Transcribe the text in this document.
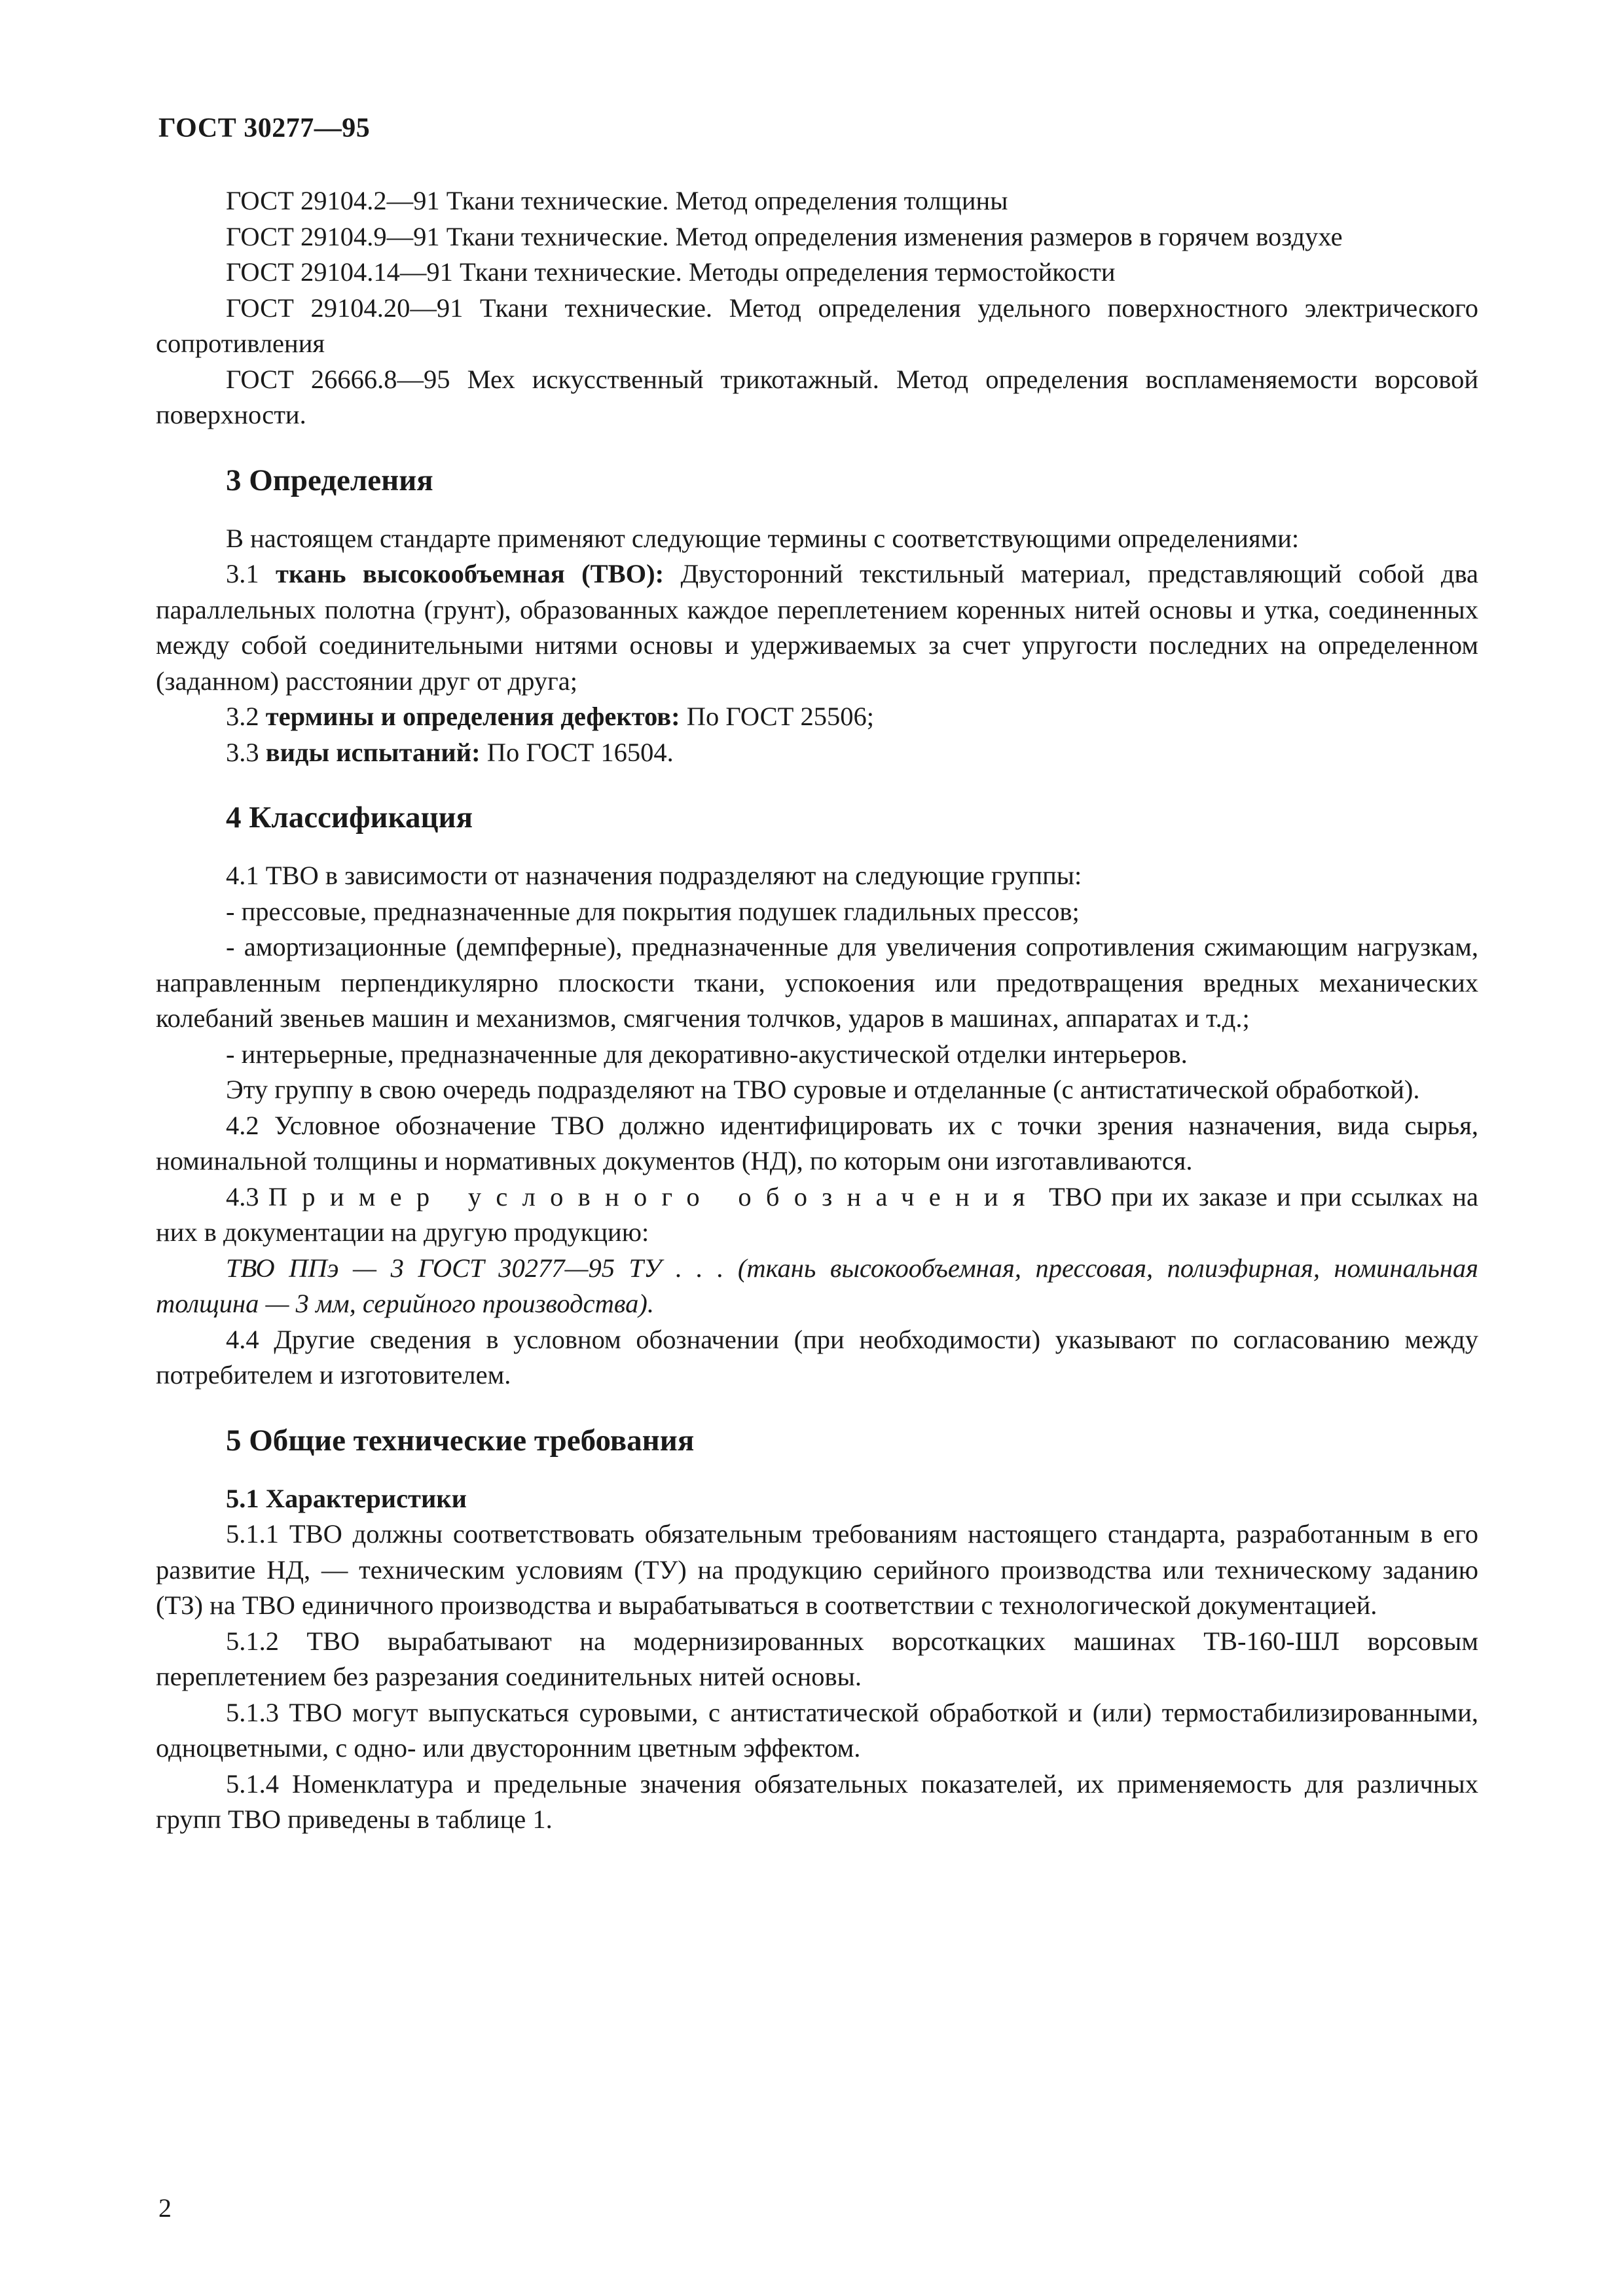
ГОСТ 30277—95
ГОСТ 29104.2—91 Ткани технические. Метод определения толщины
ГОСТ 29104.9—91 Ткани технические. Метод определения изменения размеров в горячем воздухе
ГОСТ 29104.14—91 Ткани технические. Методы определения термостойкости
ГОСТ 29104.20—91 Ткани технические. Метод определения удельного поверхностного электрического сопротивления
ГОСТ 26666.8—95 Мех искусственный трикотажный. Метод определения воспламеняемости ворсовой поверхности.
3 Определения
В настоящем стандарте применяют следующие термины с соответствующими определениями:
3.1 ткань высокообъемная (ТВО): Двусторонний текстильный материал, представляющий собой два параллельных полотна (грунт), образованных каждое переплетением коренных нитей основы и утка, соединенных между собой соединительными нитями основы и удерживаемых за счет упругости последних на определенном (заданном) расстоянии друг от друга;
3.2 термины и определения дефектов: По ГОСТ 25506;
3.3 виды испытаний: По ГОСТ 16504.
4 Классификация
4.1 ТВО в зависимости от назначения подразделяют на следующие группы:
- прессовые, предназначенные для покрытия подушек гладильных прессов;
- амортизационные (демпферные), предназначенные для увеличения сопротивления сжимающим нагрузкам, направленным перпендикулярно плоскости ткани, успокоения или предотвращения вредных механических колебаний звеньев машин и механизмов, смягчения толчков, ударов в машинах, аппаратах и т.д.;
- интерьерные, предназначенные для декоративно-акустической отделки интерьеров.
Эту группу в свою очередь подразделяют на ТВО суровые и отделанные (с антистатической обработкой).
4.2 Условное обозначение ТВО должно идентифицировать их с точки зрения назначения, вида сырья, номинальной толщины и нормативных документов (НД), по которым они изготавливаются.
4.3 Пример условного обозначения ТВО при их заказе и при ссылках на них в документации на другую продукцию:
ТВО ППэ — 3 ГОСТ 30277—95 ТУ . . . (ткань высокообъемная, прессовая, полиэфирная, номинальная толщина — 3 мм, серийного производства).
4.4 Другие сведения в условном обозначении (при необходимости) указывают по согласованию между потребителем и изготовителем.
5 Общие технические требования
5.1 Характеристики
5.1.1 ТВО должны соответствовать обязательным требованиям настоящего стандарта, разработанным в его развитие НД, — техническим условиям (ТУ) на продукцию серийного производства или техническому заданию (ТЗ) на ТВО единичного производства и вырабатываться в соответствии с технологической документацией.
5.1.2 ТВО вырабатывают на модернизированных ворсоткацких машинах ТВ-160-ШЛ ворсовым переплетением без разрезания соединительных нитей основы.
5.1.3 ТВО могут выпускаться суровыми, с антистатической обработкой и (или) термостабилизированными, одноцветными, с одно- или двусторонним цветным эффектом.
5.1.4 Номенклатура и предельные значения обязательных показателей, их применяемость для различных групп ТВО приведены в таблице 1.
2
